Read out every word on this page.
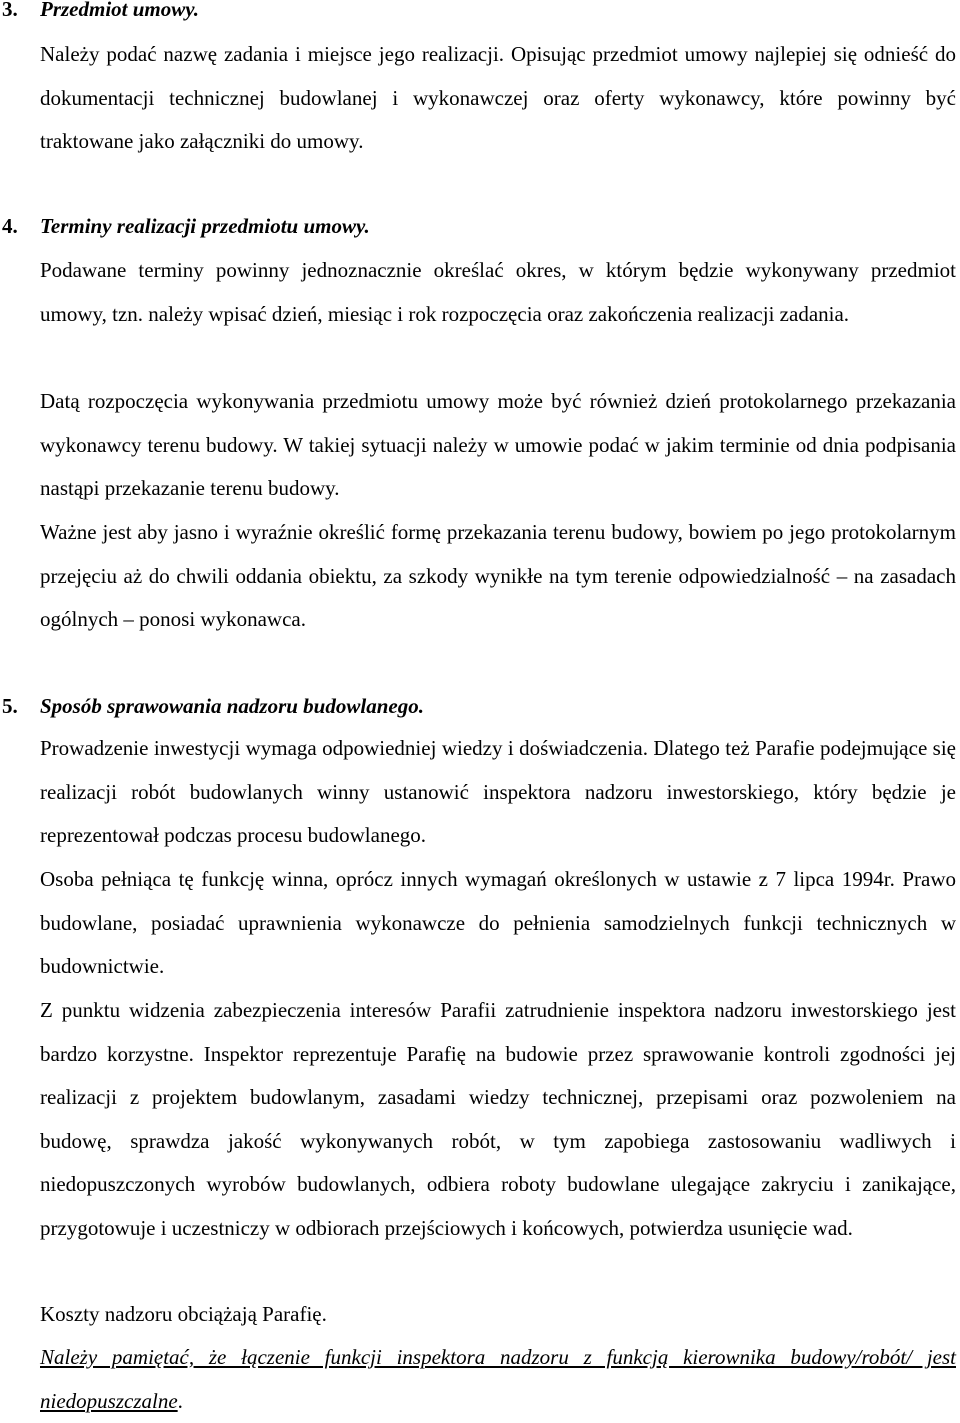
3. Przedmiot umowy.

Należy podać nazwę zadania i miejsce jego realizacji. Opisując przedmiot umowy najlepiej się odnieść do dokumentacji technicznej budowlanej i wykonawczej oraz oferty wykonawcy, które powinny być traktowane jako załączniki do umowy.

4. Terminy realizacji przedmiotu umowy.

Podawane terminy powinny jednoznacznie określać okres, w którym będzie wykonywany przedmiot umowy, tzn. należy wpisać dzień, miesiąc i rok rozpoczęcia oraz zakończenia realizacji zadania.

Datą rozpoczęcia wykonywania przedmiotu umowy może być również dzień protokolarnego przekazania wykonawcy terenu budowy. W takiej sytuacji należy w umowie podać w jakim terminie od dnia podpisania nastąpi przekazanie terenu budowy.

Ważne jest aby jasno i wyraźnie określić formę przekazania terenu budowy, bowiem po jego protokolarnym przejęciu aż do chwili oddania obiektu, za szkody wynikłe na tym terenie odpowiedzialność – na zasadach ogólnych – ponosi wykonawca.

5. Sposób sprawowania nadzoru budowlanego.

Prowadzenie inwestycji wymaga odpowiedniej wiedzy i doświadczenia. Dlatego też Parafie podejmujące się realizacji robót budowlanych winny ustanowić inspektora nadzoru inwestorskiego, który będzie je reprezentował podczas procesu budowlanego.

Osoba pełniąca tę funkcję winna, oprócz innych wymagań określonych w ustawie z 7 lipca 1994r. Prawo budowlane, posiadać uprawnienia wykonawcze do pełnienia samodzielnych funkcji technicznych w budownictwie.

Z punktu widzenia zabezpieczenia interesów Parafii zatrudnienie inspektora nadzoru inwestorskiego jest bardzo korzystne. Inspektor reprezentuje Parafię na budowie przez sprawowanie kontroli zgodności jej realizacji z projektem budowlanym, zasadami wiedzy technicznej, przepisami oraz pozwoleniem na budowę, sprawdza jakość wykonywanych robót, w tym zapobiega zastosowaniu wadliwych i niedopuszczonych wyrobów budowlanych, odbiera roboty budowlane ulegające zakryciu i zanikające, przygotowuje i uczestniczy w odbiorach przejściowych i końcowych, potwierdza usunięcie wad.

Koszty nadzoru obciążają Parafię.

Należy pamiętać, że łączenie funkcji inspektora nadzoru z funkcją kierownika budowy/robót/ jest niedopuszczalne.
